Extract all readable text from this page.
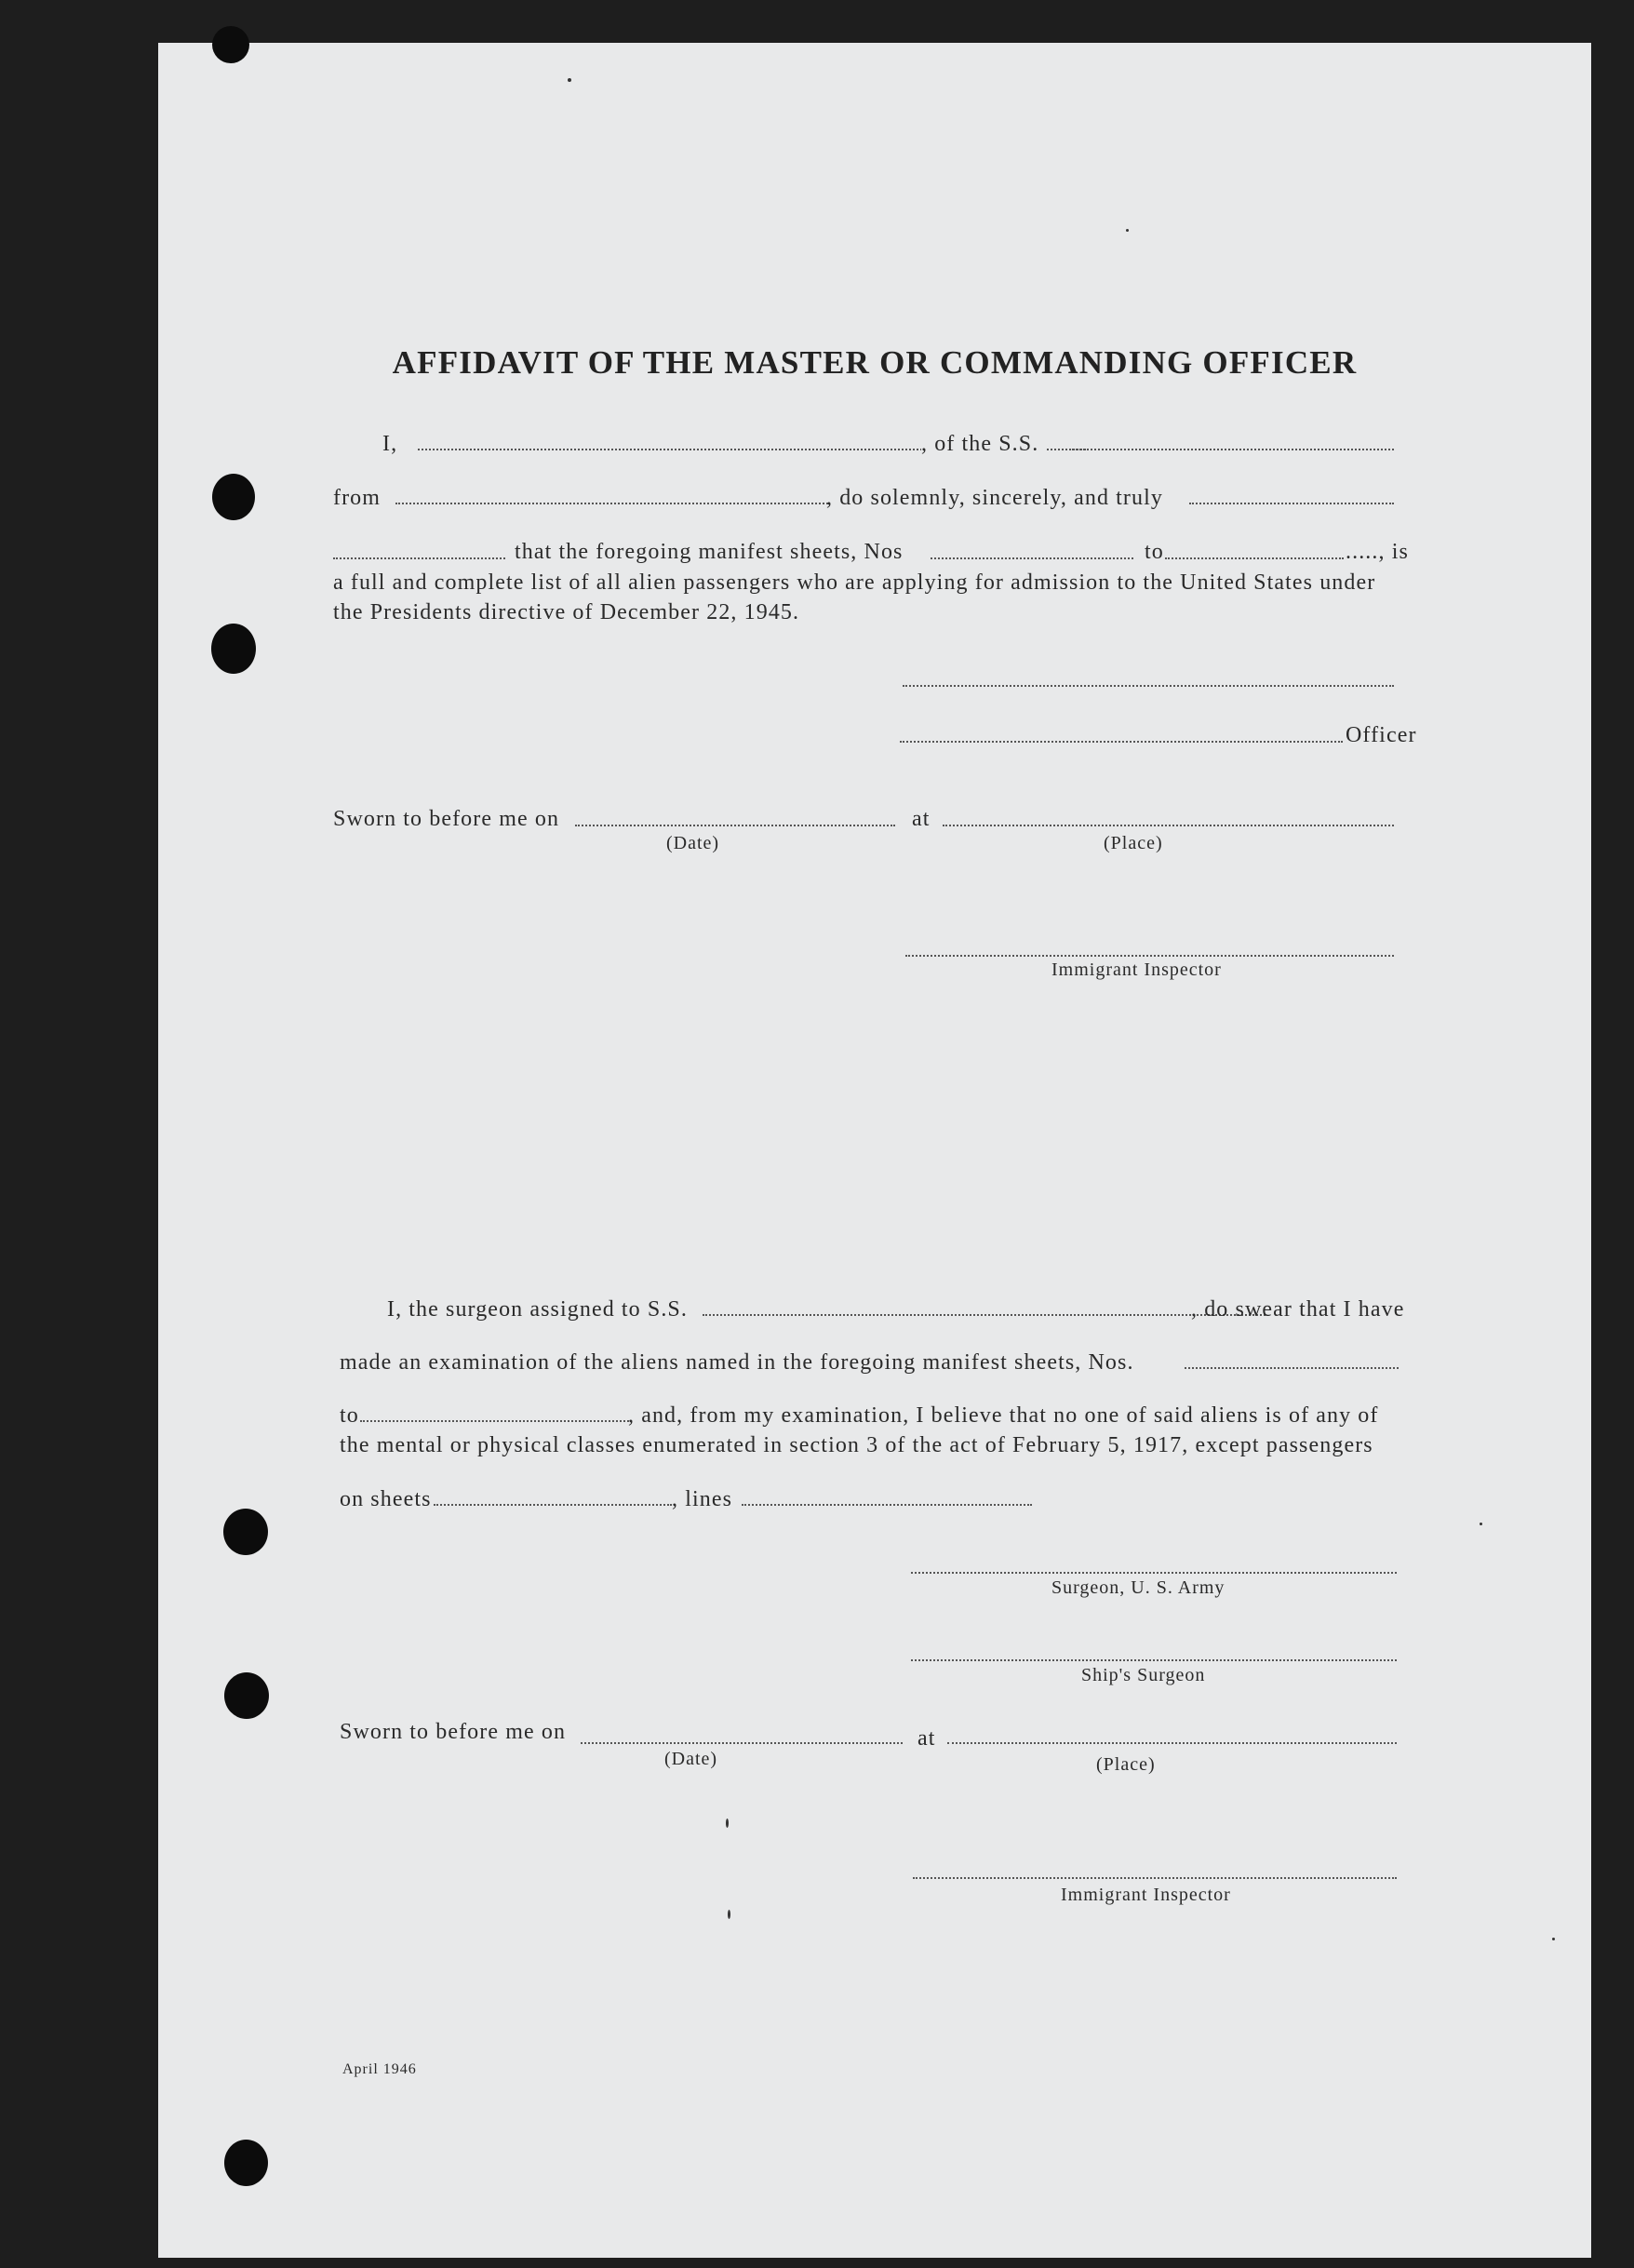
AFFIDAVIT OF THE MASTER OR COMMANDING OFFICER
I,	, of the S.S.
from	, do solemnly, sincerely, and truly
that the foregoing manifest sheets, Nos	to	....., is
a full and complete list of all alien passengers who are applying for admission to the United States under
the Presidents directive of December 22, 1945.
Officer
Sworn to before me on	at
(Date)	(Place)
Immigrant Inspector
I, the surgeon assigned to S.S.	, do swear that I have
made an examination of the aliens named in the foregoing manifest sheets, Nos.
to	, and, from my examination, I believe that no one of said aliens is of any of
the mental or physical classes enumerated in section 3 of the act of February 5, 1917, except passengers
on sheets	, lines
Surgeon, U. S. Army
Ship's Surgeon
Sworn to before me on	at
(Date)	(Place)
Immigrant Inspector
April 1946
